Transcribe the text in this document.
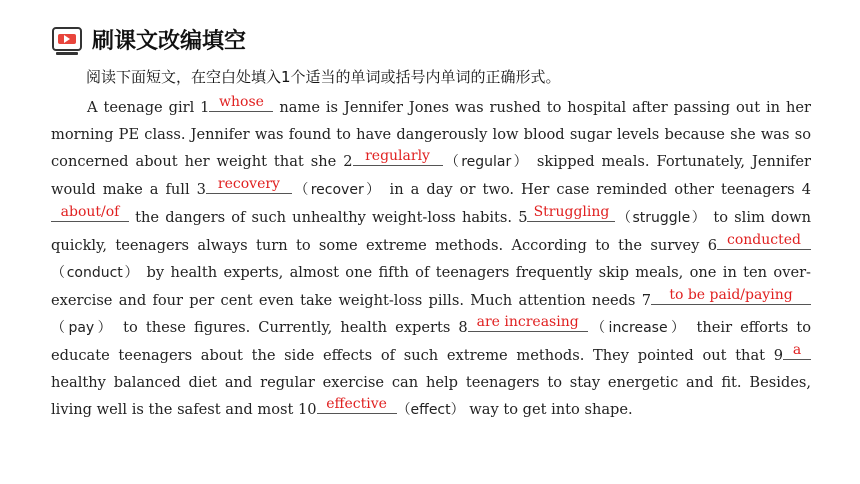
刷课文改编填空
阅读下面短文，在空白处填入1个适当的单词或括号内单词的正确形式。
A teenage girl 1 whose name is Jennifer Jones was rushed to hospital after passing out in her morning PE class. Jennifer was found to have dangerously low blood sugar levels because she was so concerned about her weight that she 2 regularly （regular） skipped meals. Fortunately, Jennifer would make a full 3 recovery （recover） in a day or two. Her case reminded other teenagers 4
about/of the dangers of such unhealthy weight-loss habits. 5 Struggling （struggle） to slim down quickly, teenagers always turn to some extreme methods. According to the survey 6 conducted
（conduct） by health experts, almost one fifth of teenagers frequently skip meals, one in ten over-exercise and four per cent even take weight-loss pills. Much attention needs 7	to be paid/paying
（pay） to these figures. Currently, health experts 8 are increasing （increase） their efforts to educate teenagers about the side effects of such extreme methods. They pointed out that 9 a
healthy balanced diet and regular exercise can help teenagers to stay energetic and fit. Besides, living well is the safest and most 10 effective （effect） way to get into shape.
